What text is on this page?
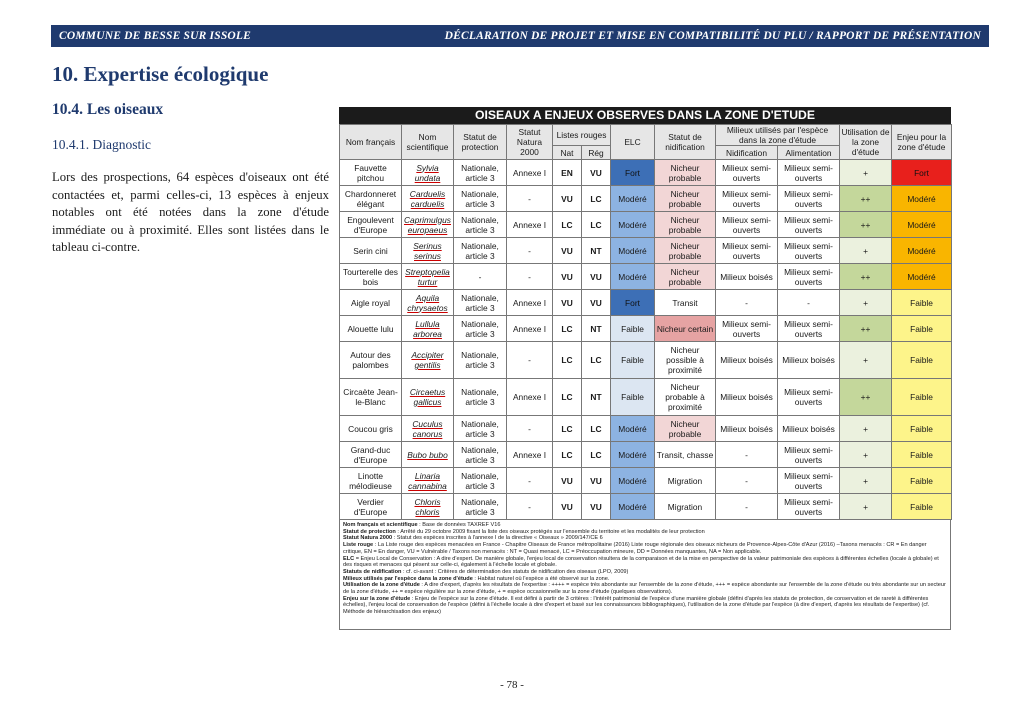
COMMUNE DE BESSE SUR ISSOLE	DÉCLARATION DE PROJET ET MISE EN COMPATIBILITÉ DU PLU / RAPPORT DE PRÉSENTATION
10. Expertise écologique
10.4. Les oiseaux
10.4.1. Diagnostic
Lors des prospections, 64 espèces d'oiseaux ont été contactées et, parmi celles-ci, 13 espèces à enjeux notables ont été notées dans la zone d'étude immédiate ou à proximité. Elles sont listées dans le tableau ci-contre.
OISEAUX A ENJEUX OBSERVES DANS LA ZONE D'ETUDE
Nom français	Nom scientifique	Statut de protection	Statut Natura 2000	Listes rouges		ELC	Statut de nidification	Milieux utilisés par l'espèce dans la zone d'étude		Utilisation de la zone d'étude	Enjeu pour la zone d'étude
				Nat	Rég			Nidification	Alimentation		
Fauvette pitchou	Sylvia undata	Nationale, article 3	Annexe I	EN	VU	Fort	Nicheur probable	Milieux semi-ouverts	Milieux semi-ouverts	+	Fort
Chardonneret élégant	Carduelis carduelis	Nationale, article 3	-	VU	LC	Modéré	Nicheur probable	Milieux semi-ouverts	Milieux semi-ouverts	++	Modéré
Engoulevent d'Europe	Caprimulgus europaeus	Nationale, article 3	Annexe I	LC	LC	Modéré	Nicheur probable	Milieux semi-ouverts	Milieux semi-ouverts	++	Modéré
Serin cini	Serinus serinus	Nationale, article 3	-	VU	NT	Modéré	Nicheur probable	Milieux semi-ouverts	Milieux semi-ouverts	+	Modéré
Tourterelle des bois	Streptopelia turtur	-	-	VU	VU	Modéré	Nicheur probable	Milieux boisés	Milieux semi-ouverts	++	Modéré
Aigle royal	Aquila chrysaetos	Nationale, article 3	Annexe I	VU	VU	Fort	Transit	-	-	+	Faible
Alouette lulu	Lullula arborea	Nationale, article 3	Annexe I	LC	NT	Faible	Nicheur certain	Milieux semi-ouverts	Milieux semi-ouverts	++	Faible
Autour des palombes	Accipiter gentilis	Nationale, article 3	-	LC	LC	Faible	Nicheur possible à proximité	Milieux boisés	Milieux boisés	+	Faible
Circaète Jean-le-Blanc	Circaetus gallicus	Nationale, article 3	Annexe I	LC	NT	Faible	Nicheur probable à proximité	Milieux boisés	Milieux semi-ouverts	++	Faible
Coucou gris	Cuculus canorus	Nationale, article 3	-	LC	LC	Modéré	Nicheur probable	Milieux boisés	Milieux boisés	+	Faible
Grand-duc d'Europe	Bubo bubo	Nationale, article 3	Annexe I	LC	LC	Modéré	Transit, chasse	-	Milieux semi-ouverts	+	Faible
Linotte mélodieuse	Linaria cannabina	Nationale, article 3	-	VU	VU	Modéré	Migration	-	Milieux semi-ouverts	+	Faible
Verdier d'Europe	Chloris chloris	Nationale, article 3	-	VU	VU	Modéré	Migration	-	Milieux semi-ouverts	+	Faible
Nom français et scientifique : Base de données TAXREF V16
Statut de protection : Arrêté du 29 octobre 2009 fixant la liste des oiseaux protégés sur l'ensemble du territoire et les modalités de leur protection
Statut Natura 2000 : Statut des espèces inscrites à l'annexe I de la directive « Oiseaux » 2009/147/CE 6
Liste rouge : La Liste rouge des espèces menacées en France - Chapitre Oiseaux de France métropolitaine (2016) Liste rouge régionale des oiseaux nicheurs de Provence-Alpes-Côte d'Azur (2016) –Taxons menacés : CR = En danger critique, EN = En danger, VU = Vulnérable / Taxons non menacés : NT = Quasi menacé, LC = Préoccupation mineure, DD = Données manquantes, NA = Non applicable.
ELC = Enjeu Local de Conservation : A dire d'expert. De manière globale, l'enjeu local de conservation résultera de la comparaison et de la mise en perspective de la valeur patrimoniale des espèces à différentes échelles (locale à globale) et des risques et menaces qui pèsent sur celle-ci, également à l'échelle locale et globale.
Statuts de nidification : cf. ci-avant : Critères de détermination des statuts de nidification des oiseaux (LPO, 2009)
Milieux utilisés par l'espèce dans la zone d'étude : Habitat naturel où l'espèce a été observé sur la zone.
Utilisation de la zone d'étude : A dire d'expert, d'après les résultats de l'expertise : ++++ = espèce très abondante sur l'ensemble de la zone d'étude, +++ = espèce abondante sur l'ensemble de la zone d'étude ou très abondante sur un secteur de la zone d'étude, ++ = espèce régulière sur la zone d'étude, + = espèce occasionnelle sur la zone d'étude (quelques observations).
Enjeu sur la zone d'étude : Enjeu de l'espèce sur la zone d'étude. Il est défini à partir de 3 critères : l'intérêt patrimonial de l'espèce d'une manière globale (défini d'après les statuts de protection, de conservation et de rareté à différentes échelles), l'enjeu local de conservation de l'espèce (défini à l'échelle locale à dire d'expert et basé sur les connaissances bibliographiques), l'utilisation de la zone d'étude par l'espèce (à dire d'expert, d'après les résultats de l'expertise) (cf. Méthode de hiérarchisation des enjeux)
- 78 -
